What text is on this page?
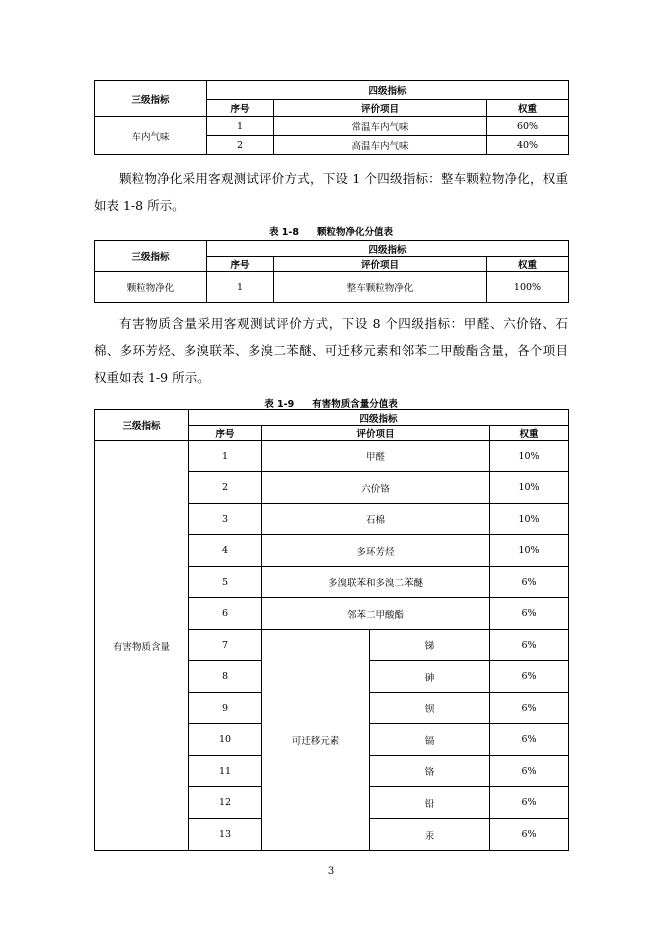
三级指标	四级指标		
	序号	评价项目	权重
车内气味	1	常温车内气味	60%
	2	高温车内气味	40%

颗粒物净化采用客观测试评价方式，下设 1 个四级指标：整车颗粒物净化，权重如表 1-8 所示。

表 1-8 颗粒物净化分值表
三级指标	四级指标		
	序号	评价项目	权重
颗粒物净化	1	整车颗粒物净化	100%

有害物质含量采用客观测试评价方式，下设 8 个四级指标：甲醛、六价铬、石棉、多环芳烃、多溴联苯、多溴二苯醚、可迁移元素和邻苯二甲酸酯含量，各个项目权重如表 1-9 所示。

表 1-9 有害物质含量分值表
三级指标	四级指标			
	序号	评价项目		权重
有害物质含量	1	甲醛		10%
	2	六价铬		10%
	3	石棉		10%
	4	多环芳烃		10%
	5	多溴联苯和多溴二苯醚		6%
	6	邻苯二甲酸酯		6%
	7	可迁移元素	锑	6%
	8		砷	6%
	9		钡	6%
	10		镉	6%
	11		铬	6%
	12		铅	6%
	13		汞	6%
3
